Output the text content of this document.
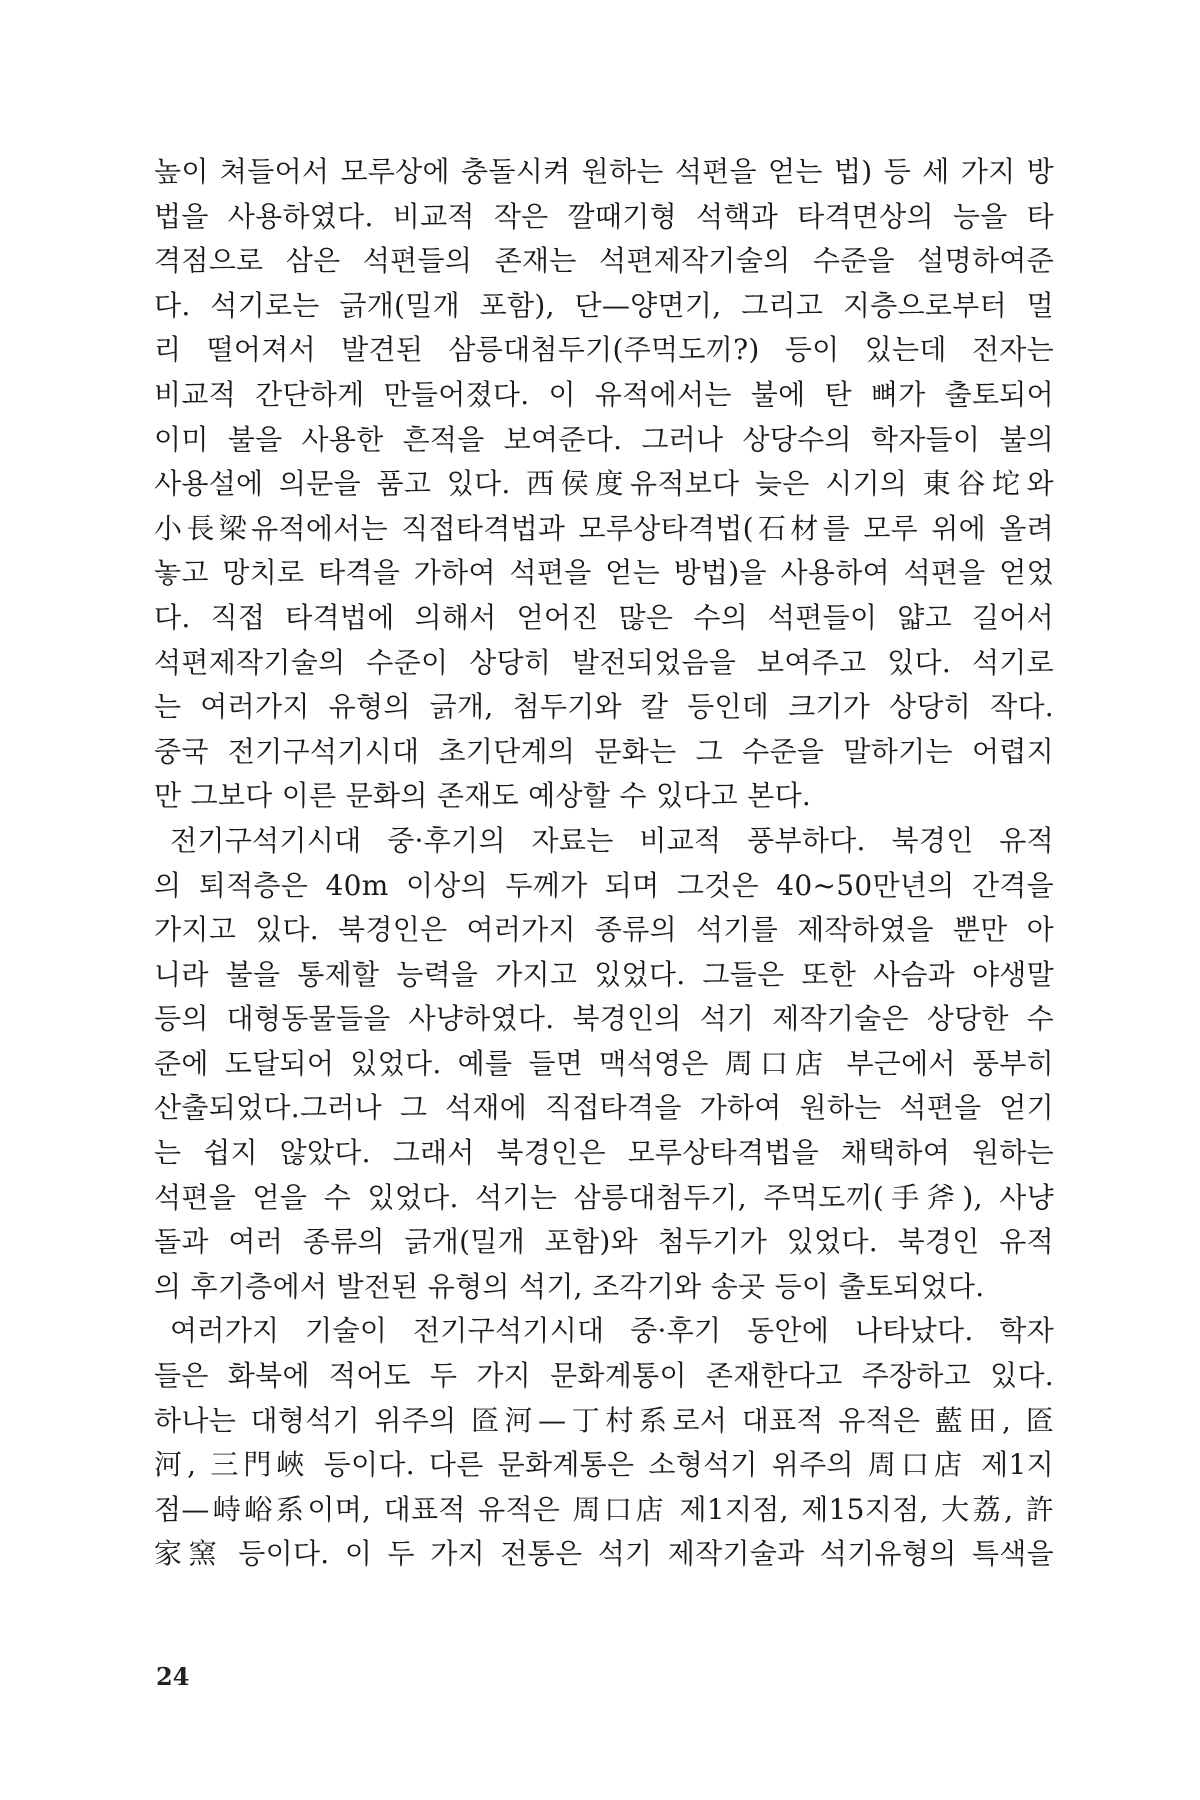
높이 쳐들어서 모루상에 충돌시켜 원하는 석편을 얻는 법) 등 세 가지 방
법을 사용하였다. 비교적 작은 깔때기형 석핵과 타격면상의 능을 타
격점으로 삼은 석편들의 존재는 석편제작기술의 수준을 설명하여준
다. 석기로는 긁개(밀개 포함), 단—양면기, 그리고 지층으로부터 멀
리 떨어져서 발견된 삼릉대첨두기(주먹도끼?) 등이 있는데 전자는
비교적 간단하게 만들어졌다. 이 유적에서는 불에 탄 뼈가 출토되어
이미 불을 사용한 흔적을 보여준다. 그러나 상당수의 학자들이 불의
사용설에 의문을 품고 있다. 西侯度유적보다 늦은 시기의 東谷坨와
小長梁유적에서는 직접타격법과 모루상타격법(石材를 모루 위에 올려
놓고 망치로 타격을 가하여 석편을 얻는 방법)을 사용하여 석편을 얻었
다. 직접 타격법에 의해서 얻어진 많은 수의 석편들이 얇고 길어서
석편제작기술의 수준이 상당히 발전되었음을 보여주고 있다. 석기로
는 여러가지 유형의 긁개, 첨두기와 칼 등인데 크기가 상당히 작다.
중국 전기구석기시대 초기단계의 문화는 그 수준을 말하기는 어렵지
만 그보다 이른 문화의 존재도 예상할 수 있다고 본다.
전기구석기시대 중·후기의 자료는 비교적 풍부하다. 북경인 유적
의 퇴적층은 40m 이상의 두께가 되며 그것은 40~50만년의 간격을
가지고 있다. 북경인은 여러가지 종류의 석기를 제작하였을 뿐만 아
니라 불을 통제할 능력을 가지고 있었다. 그들은 또한 사슴과 야생말
등의 대형동물들을 사냥하였다. 북경인의 석기 제작기술은 상당한 수
준에 도달되어 있었다. 예를 들면 맥석영은 周口店 부근에서 풍부히
산출되었다.그러나 그 석재에 직접타격을 가하여 원하는 석편을 얻기
는 쉽지 않았다. 그래서 북경인은 모루상타격법을 채택하여 원하는
석편을 얻을 수 있었다. 석기는 삼릉대첨두기, 주먹도끼(手斧), 사냥
돌과 여러 종류의 긁개(밀개 포함)와 첨두기가 있었다. 북경인 유적
의 후기층에서 발전된 유형의 석기, 조각기와 송곳 등이 출토되었다.
여러가지 기술이 전기구석기시대 중·후기 동안에 나타났다. 학자
들은 화북에 적어도 두 가지 문화계통이 존재한다고 주장하고 있다.
하나는 대형석기 위주의 匼河—丁村系로서 대표적 유적은 藍田, 匼
河, 三門峽 등이다. 다른 문화계통은 소형석기 위주의 周口店 제1지
점—峙峪系이며, 대표적 유적은 周口店 제1지점, 제15지점, 大荔, 許
家窯 등이다. 이 두 가지 전통은 석기 제작기술과 석기유형의 특색을
24
